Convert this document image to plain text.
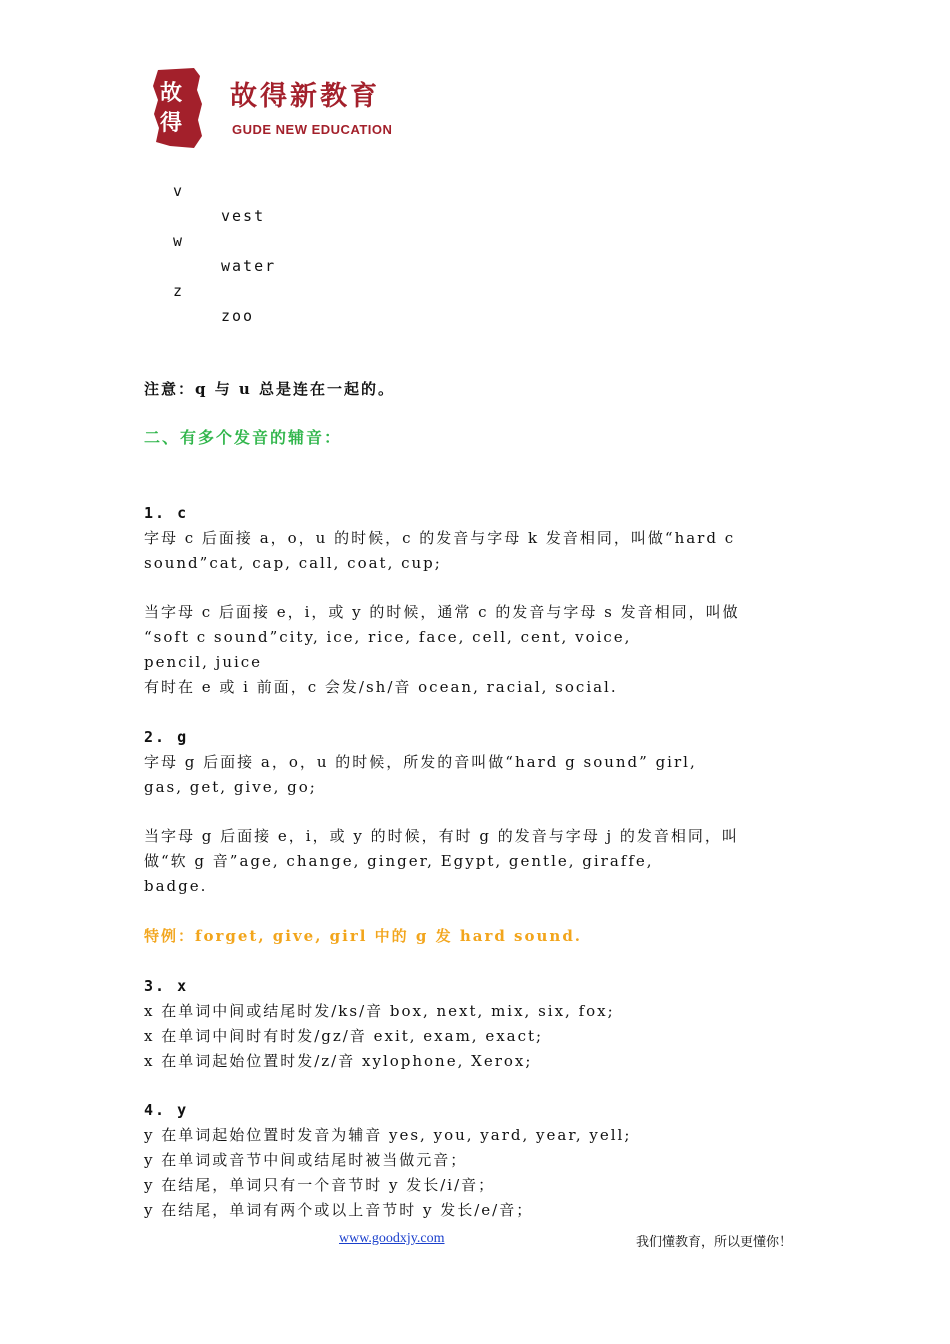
故
得
故得新教育
GUDE NEW EDUCATION
v
vest
w
water
z
zoo
注意：q 与 u 总是连在一起的。
二、有多个发音的辅音：
1. c
字母 c 后面接 a，o，u 的时候，c 的发音与字母 k 发音相同，叫做“hard c
sound”cat, cap, call, coat, cup;
当字母 c 后面接 e，i，或 y 的时候，通常 c 的发音与字母 s 发音相同，叫做
“soft c sound”city, ice, rice, face, cell, cent, voice,
pencil, juice
有时在 e 或 i 前面，c 会发/sh/音 ocean, racial, social.
2. g
字母 g 后面接 a，o，u 的时候，所发的音叫做“hard g sound” girl,
gas, get, give, go;
当字母 g 后面接 e，i，或 y 的时候，有时 g 的发音与字母 j 的发音相同，叫
做“软 g 音”age, change, ginger, Egypt, gentle, giraffe,
badge.
特例：forget, give, girl 中的 g 发 hard sound.
3. x
x 在单词中间或结尾时发/ks/音 box, next, mix, six, fox;
x 在单词中间时有时发/gz/音 exit, exam, exact;
x 在单词起始位置时发/z/音 xylophone, Xerox;
4. y
y 在单词起始位置时发音为辅音 yes, you, yard, year, yell;
y 在单词或音节中间或结尾时被当做元音；
y 在结尾，单词只有一个音节时 y 发长/i/音；
y 在结尾，单词有两个或以上音节时 y 发长/e/音；
www.goodxjy.com	我们懂教育，所以更懂你！
